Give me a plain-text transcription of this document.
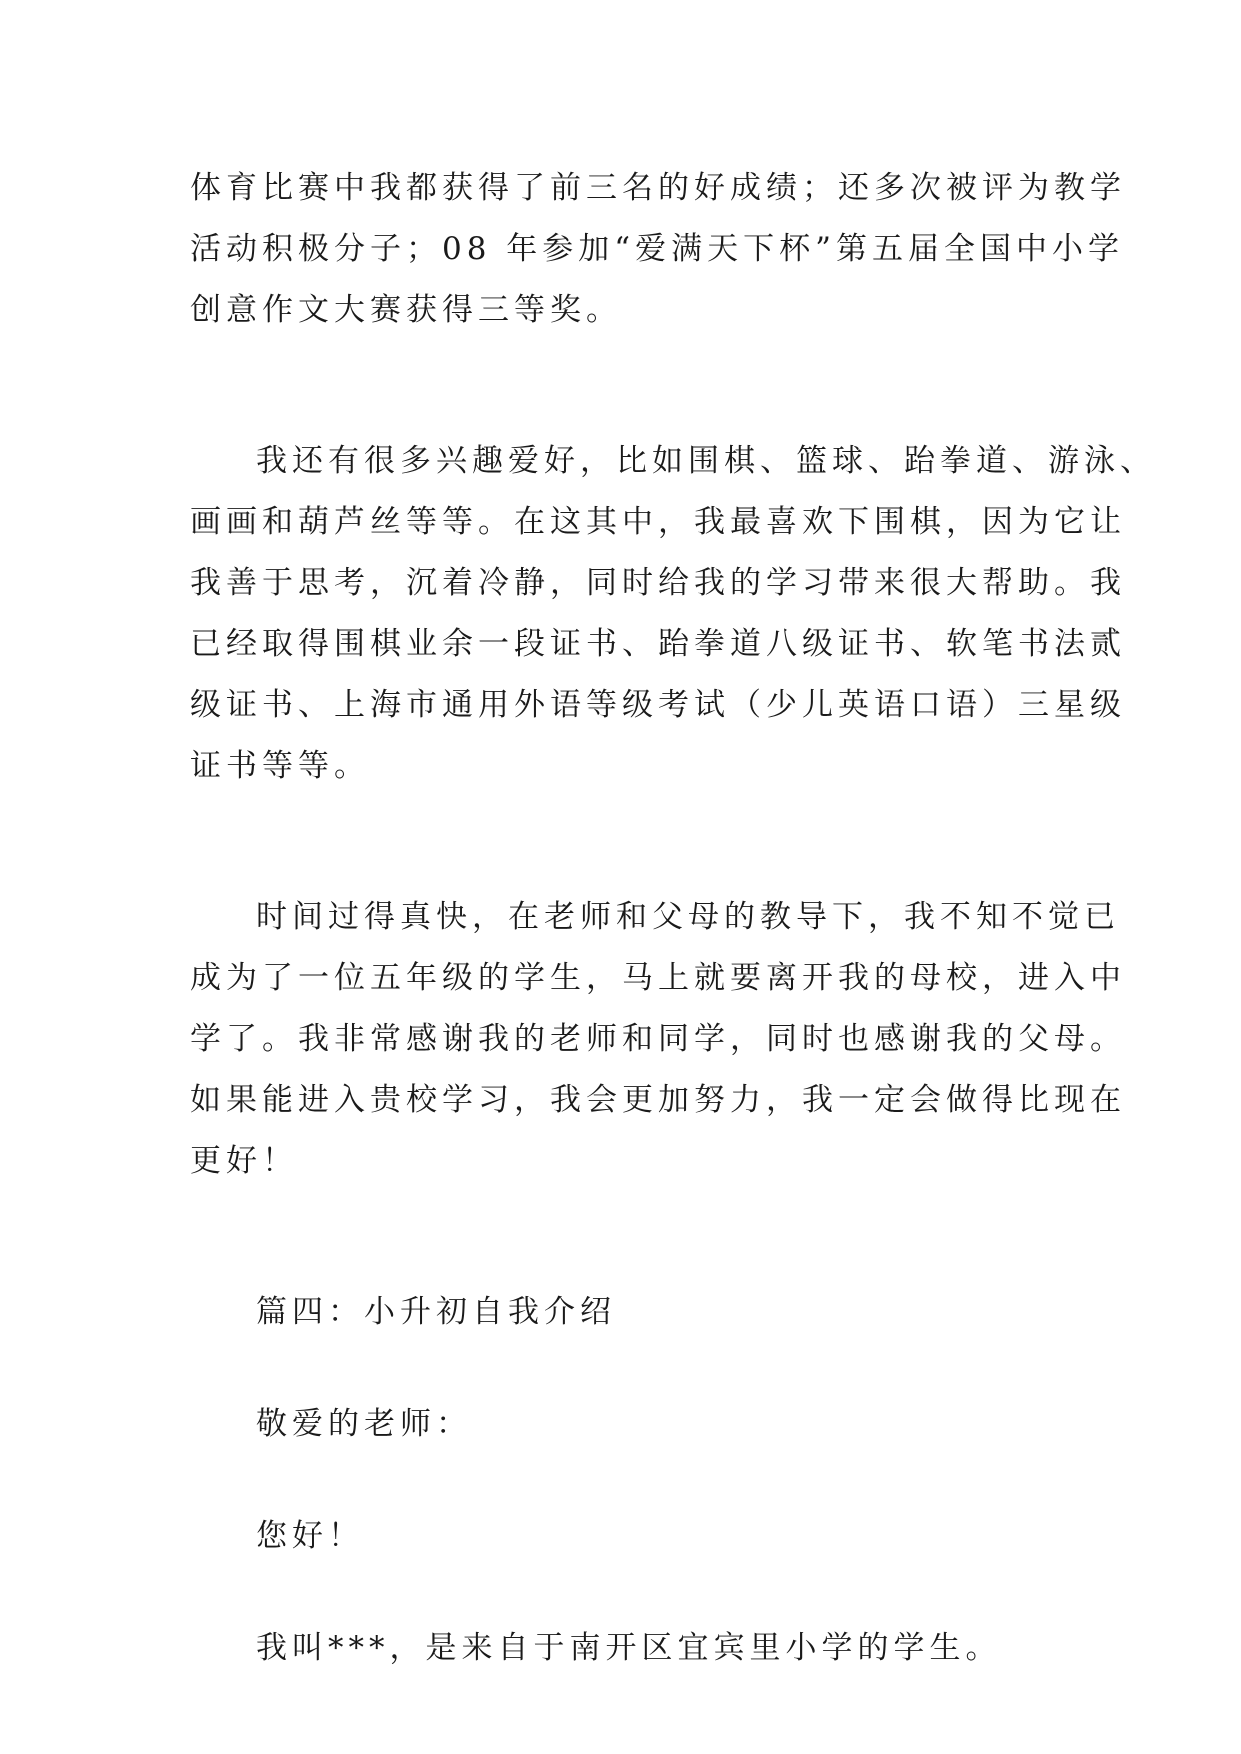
体育比赛中我都获得了前三名的好成绩；还多次被评为教学
活动积极分子；08 年参加“爱满天下杯”第五届全国中小学
创意作文大赛获得三等奖。

我还有很多兴趣爱好，比如围棋、篮球、跆拳道、游泳、
画画和葫芦丝等等。在这其中，我最喜欢下围棋，因为它让
我善于思考，沉着冷静，同时给我的学习带来很大帮助。我
已经取得围棋业余一段证书、跆拳道八级证书、软笔书法贰
级证书、上海市通用外语等级考试（少儿英语口语）三星级
证书等等。

时间过得真快，在老师和父母的教导下，我不知不觉已
成为了一位五年级的学生，马上就要离开我的母校，进入中
学了。我非常感谢我的老师和同学，同时也感谢我的父母。
如果能进入贵校学习，我会更加努力，我一定会做得比现在
更好！

篇四：小升初自我介绍

敬爱的老师：

您好！

我叫***，是来自于南开区宜宾里小学的学生。
